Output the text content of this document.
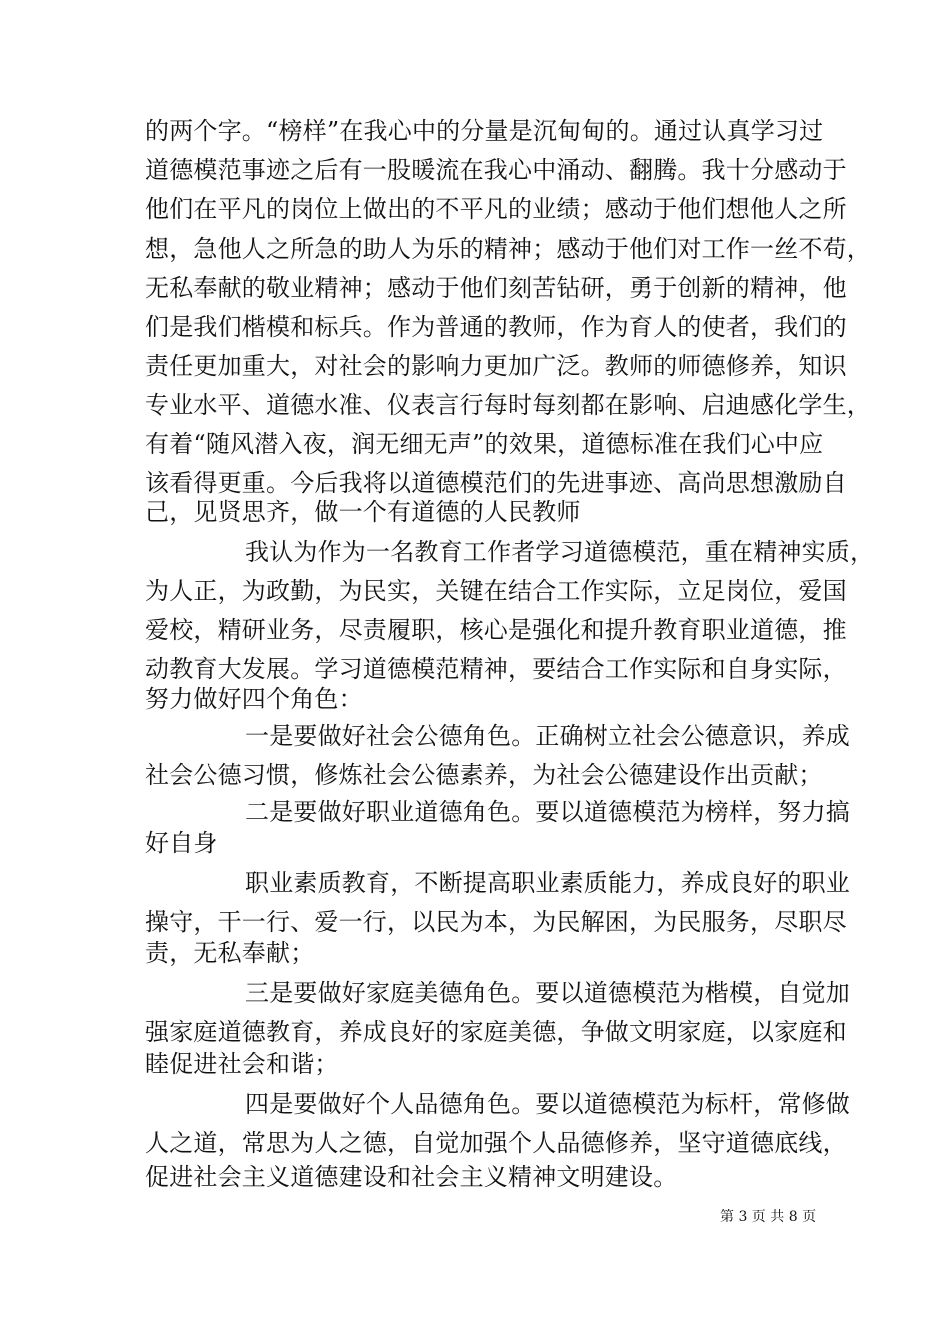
的两个字。“榜样”在我心中的分量是沉甸甸的。通过认真学习过
道德模范事迹之后有一股暖流在我心中涌动、翻腾。我十分感动于
他们在平凡的岗位上做出的不平凡的业绩；感动于他们想他人之所
想，急他人之所急的助人为乐的精神；感动于他们对工作一丝不苟，
无私奉献的敬业精神；感动于他们刻苦钻研，勇于创新的精神，他
们是我们楷模和标兵。作为普通的教师，作为育人的使者，我们的
责任更加重大，对社会的影响力更加广泛。教师的师德修养，知识
专业水平、道德水准、仪表言行每时每刻都在影响、启迪感化学生，
有着“随风潜入夜，润无细无声”的效果，道德标准在我们心中应
该看得更重。今后我将以道德模范们的先进事迹、高尚思想激励自
己，见贤思齐，做一个有道德的人民教师
我认为作为一名教育工作者学习道德模范，重在精神实质，
为人正，为政勤，为民实，关键在结合工作实际，立足岗位，爱国
爱校，精研业务，尽责履职，核心是强化和提升教育职业道德，推
动教育大发展。学习道德模范精神，要结合工作实际和自身实际，
努力做好四个角色：
一是要做好社会公德角色。正确树立社会公德意识，养成
社会公德习惯，修炼社会公德素养，为社会公德建设作出贡献；
二是要做好职业道德角色。要以道德模范为榜样，努力搞
好自身
职业素质教育，不断提高职业素质能力，养成良好的职业
操守，干一行、爱一行，以民为本，为民解困，为民服务，尽职尽
责，无私奉献；
三是要做好家庭美德角色。要以道德模范为楷模，自觉加
强家庭道德教育，养成良好的家庭美德，争做文明家庭，以家庭和
睦促进社会和谐；
四是要做好个人品德角色。要以道德模范为标杆，常修做
人之道，常思为人之德，自觉加强个人品德修养，坚守道德底线，
促进社会主义道德建设和社会主义精神文明建设。
第 3 页 共 8 页
